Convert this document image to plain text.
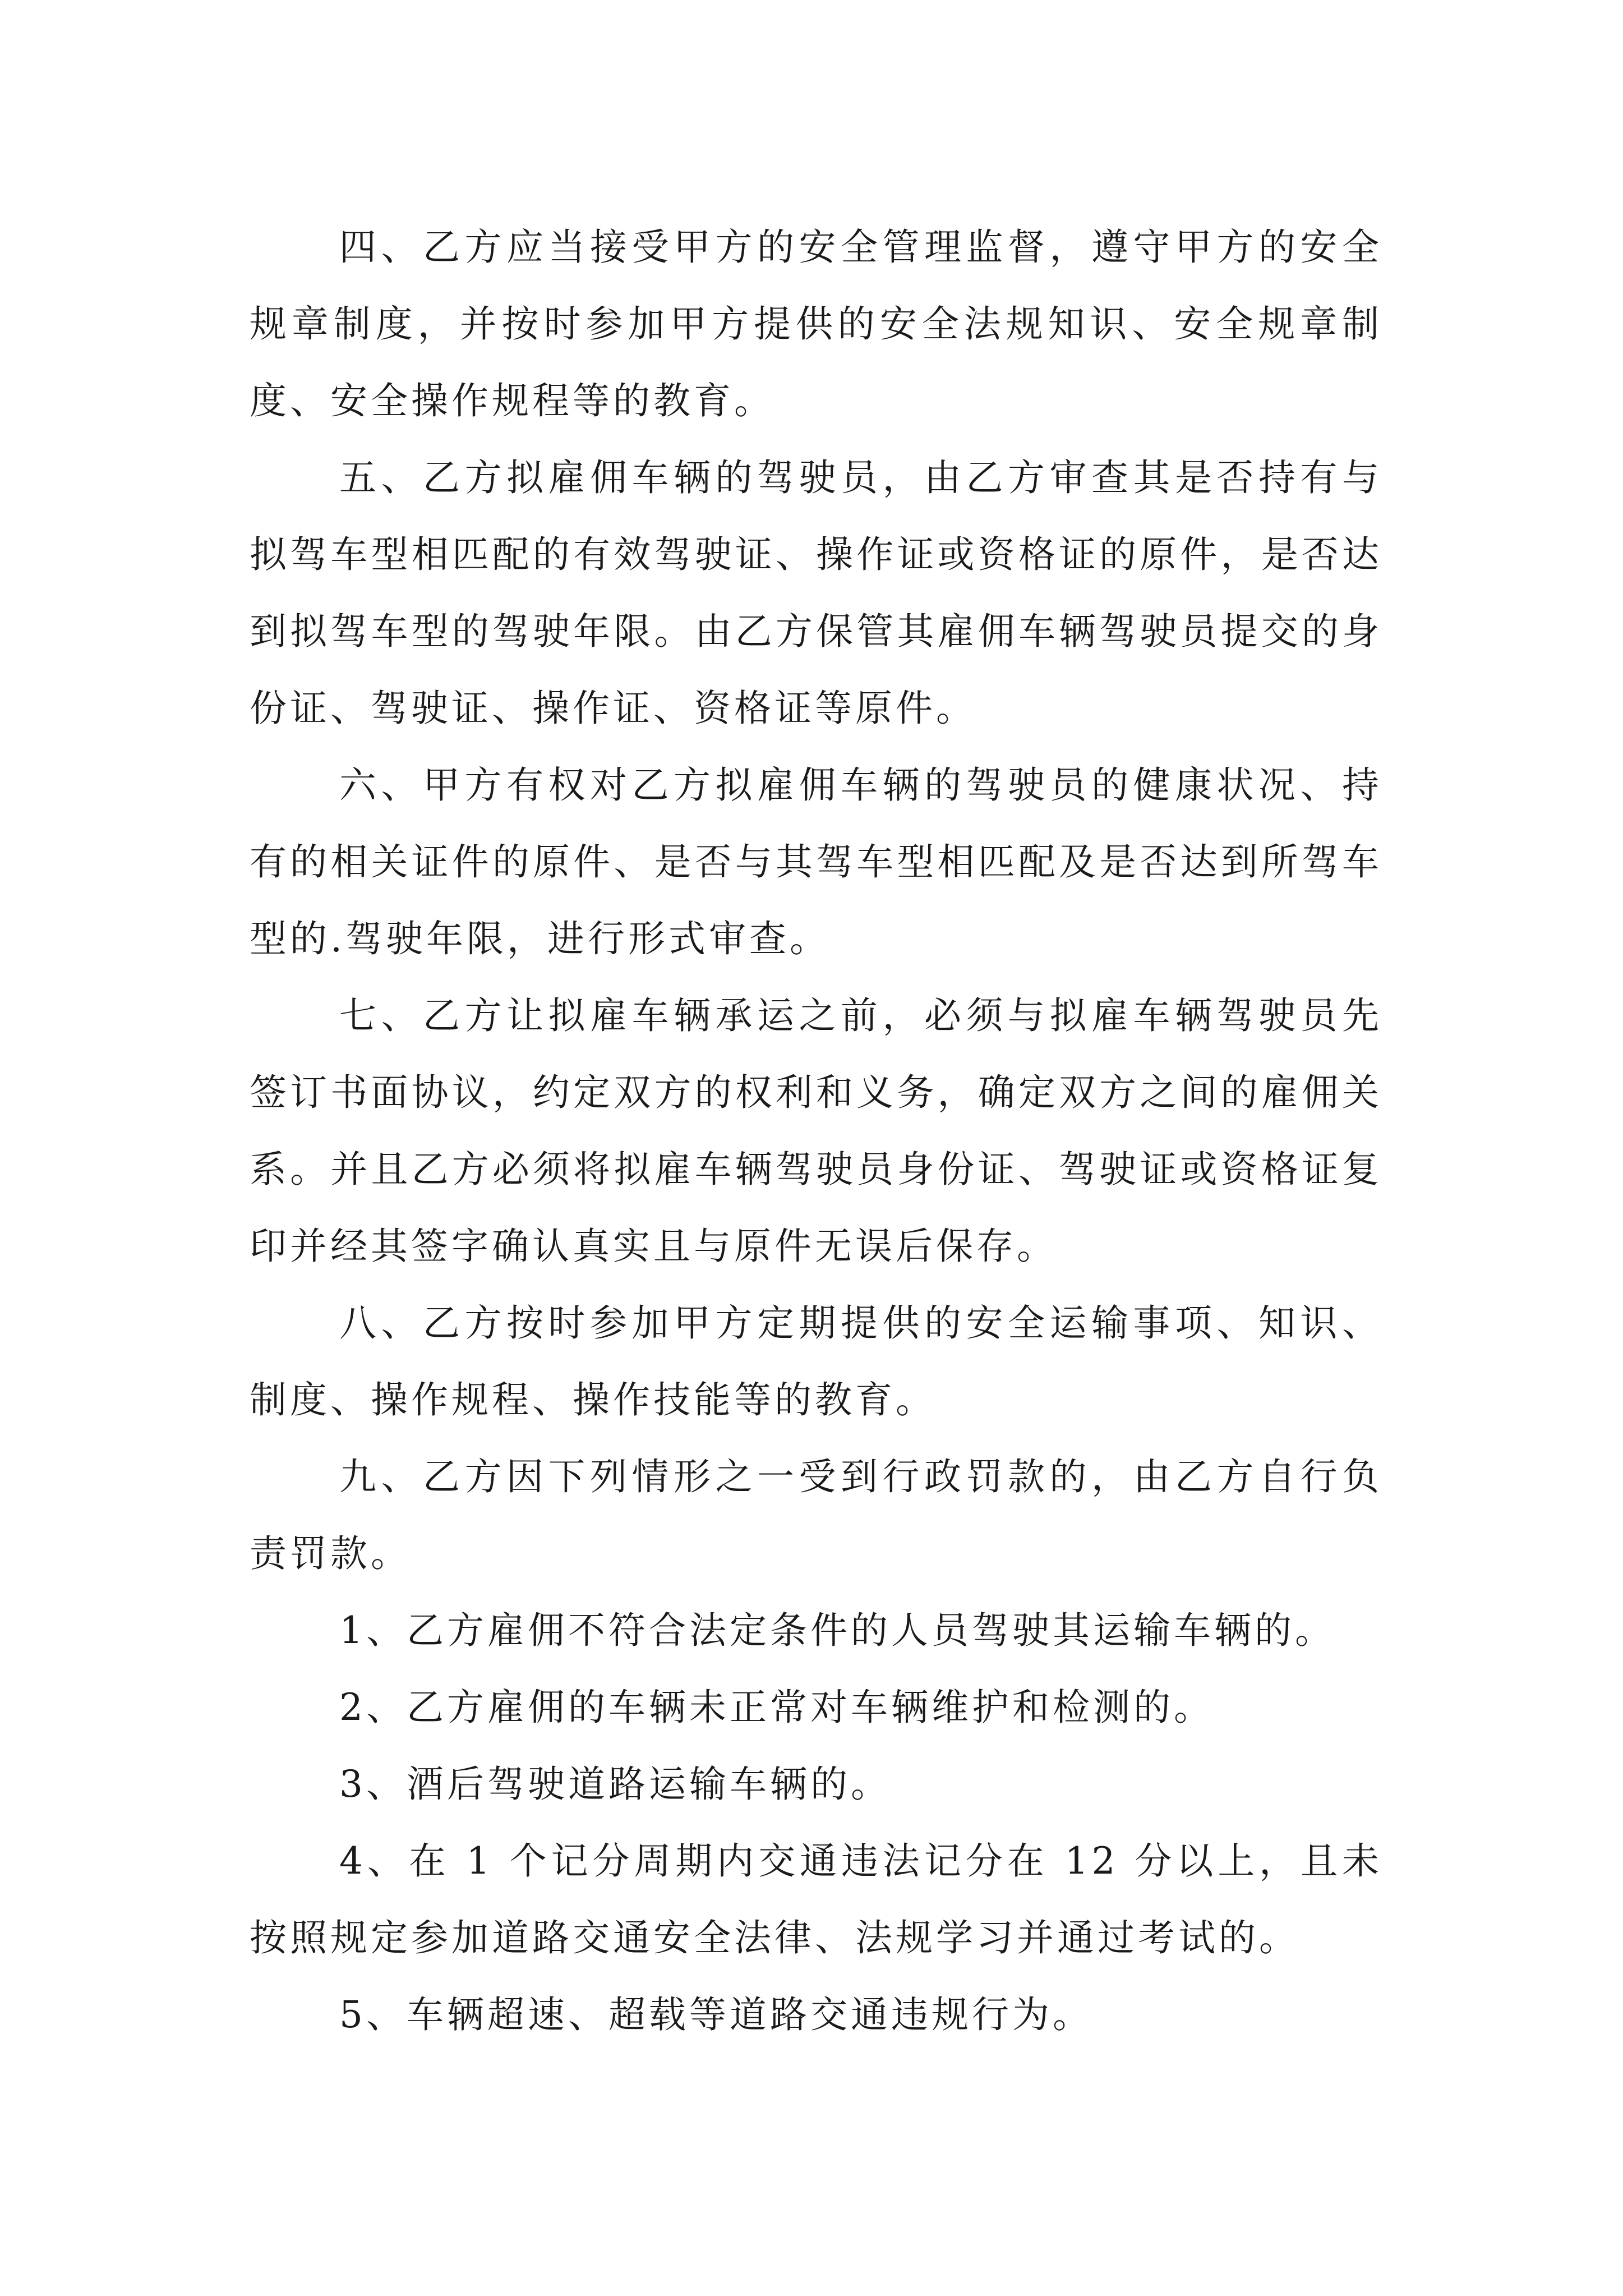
四、乙方应当接受甲方的安全管理监督，遵守甲方的安全规章制度，并按时参加甲方提供的安全法规知识、安全规章制度、安全操作规程等的教育。

五、乙方拟雇佣车辆的驾驶员，由乙方审查其是否持有与拟驾车型相匹配的有效驾驶证、操作证或资格证的原件，是否达到拟驾车型的驾驶年限。由乙方保管其雇佣车辆驾驶员提交的身份证、驾驶证、操作证、资格证等原件。

六、甲方有权对乙方拟雇佣车辆的驾驶员的健康状况、持有的相关证件的原件、是否与其驾车型相匹配及是否达到所驾车型的.驾驶年限，进行形式审查。

七、乙方让拟雇车辆承运之前，必须与拟雇车辆驾驶员先签订书面协议，约定双方的权利和义务，确定双方之间的雇佣关系。并且乙方必须将拟雇车辆驾驶员身份证、驾驶证或资格证复印并经其签字确认真实且与原件无误后保存。

八、乙方按时参加甲方定期提供的安全运输事项、知识、制度、操作规程、操作技能等的教育。

九、乙方因下列情形之一受到行政罚款的，由乙方自行负责罚款。

1、乙方雇佣不符合法定条件的人员驾驶其运输车辆的。

2、乙方雇佣的车辆未正常对车辆维护和检测的。

3、酒后驾驶道路运输车辆的。

4、在 1 个记分周期内交通违法记分在 12 分以上，且未按照规定参加道路交通安全法律、法规学习并通过考试的。

5、车辆超速、超载等道路交通违规行为。
